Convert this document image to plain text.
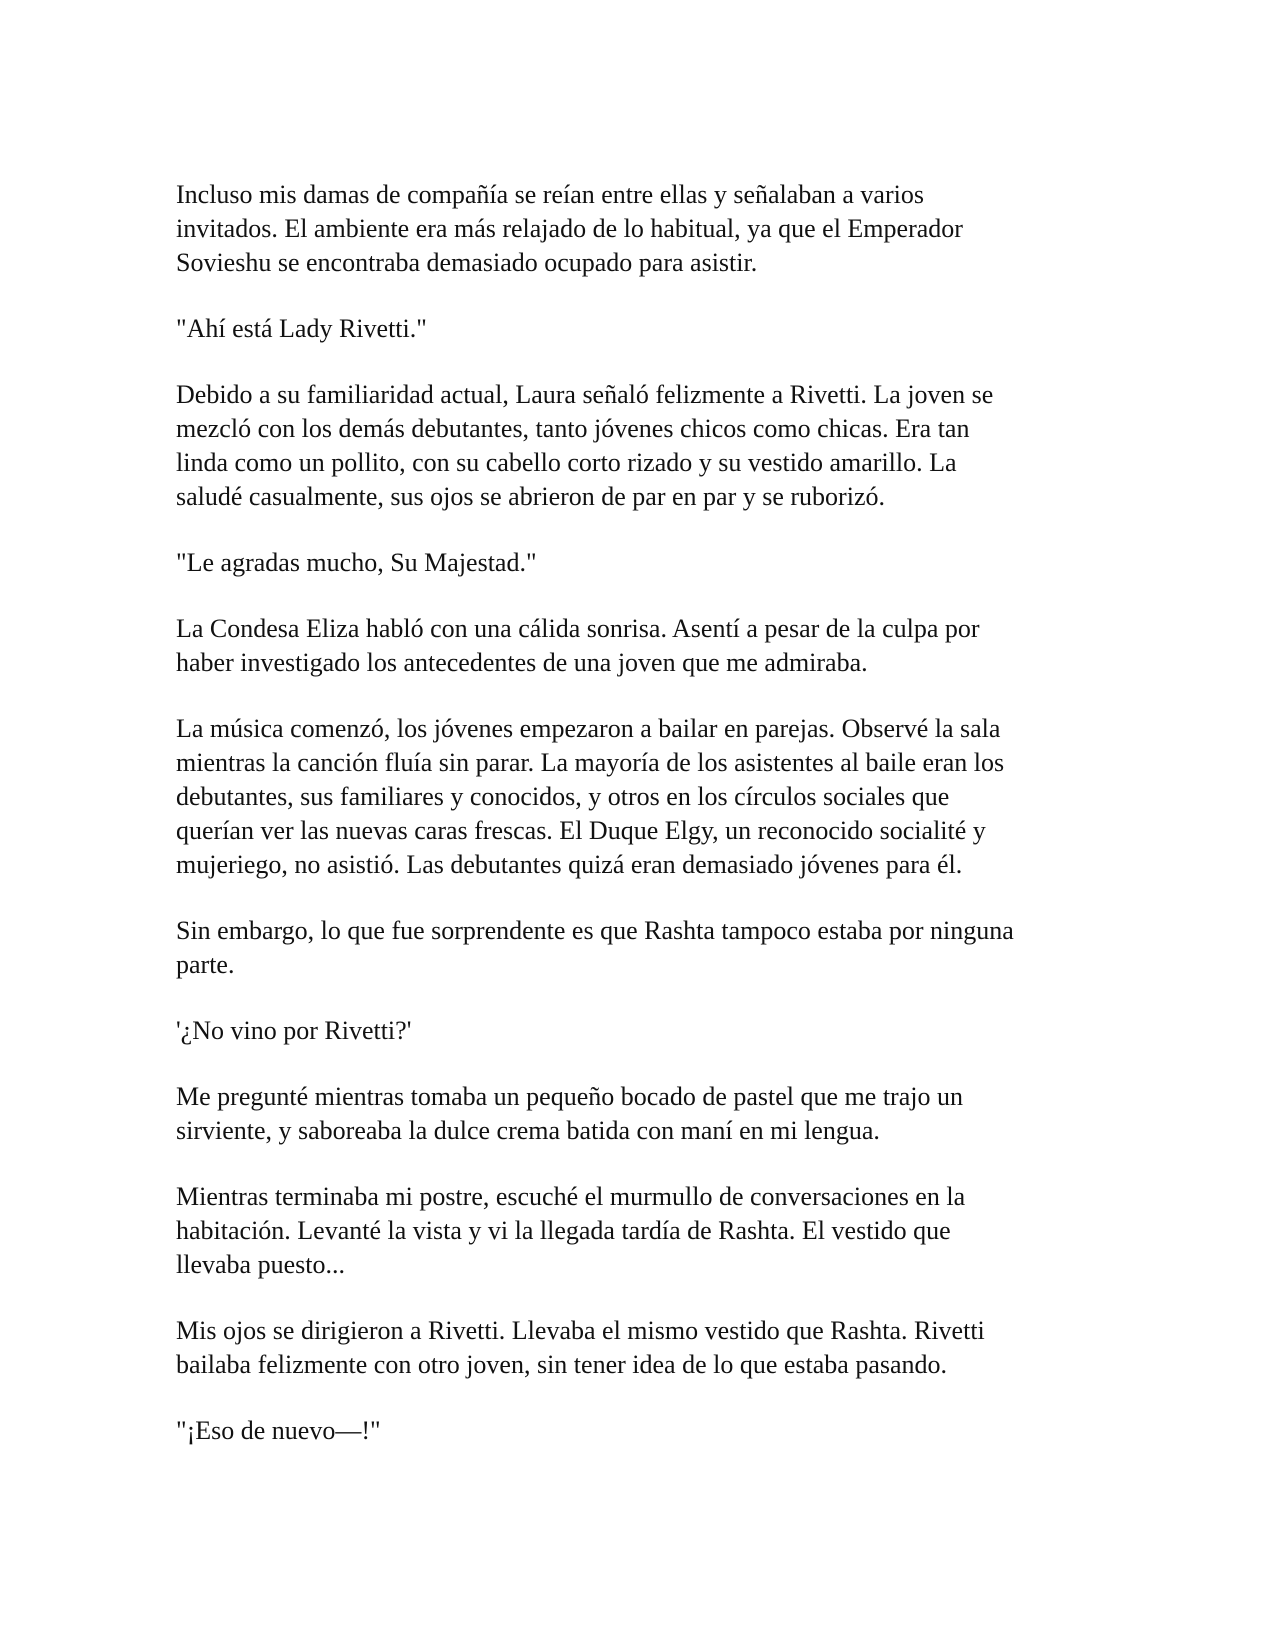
Incluso mis damas de compañía se reían entre ellas y señalaban a varios
invitados. El ambiente era más relajado de lo habitual, ya que el Emperador
Sovieshu se encontraba demasiado ocupado para asistir.

"Ahí está Lady Rivetti."

Debido a su familiaridad actual, Laura señaló felizmente a Rivetti. La joven se
mezcló con los demás debutantes, tanto jóvenes chicos como chicas. Era tan
linda como un pollito, con su cabello corto rizado y su vestido amarillo. La
saludé casualmente, sus ojos se abrieron de par en par y se ruborizó.

"Le agradas mucho, Su Majestad."

La Condesa Eliza habló con una cálida sonrisa. Asentí a pesar de la culpa por
haber investigado los antecedentes de una joven que me admiraba.

La música comenzó, los jóvenes empezaron a bailar en parejas. Observé la sala
mientras la canción fluía sin parar. La mayoría de los asistentes al baile eran los
debutantes, sus familiares y conocidos, y otros en los círculos sociales que
querían ver las nuevas caras frescas. El Duque Elgy, un reconocido socialité y
mujeriego, no asistió. Las debutantes quizá eran demasiado jóvenes para él.

Sin embargo, lo que fue sorprendente es que Rashta tampoco estaba por ninguna
parte.

'¿No vino por Rivetti?'

Me pregunté mientras tomaba un pequeño bocado de pastel que me trajo un
sirviente, y saboreaba la dulce crema batida con maní en mi lengua.

Mientras terminaba mi postre, escuché el murmullo de conversaciones en la
habitación. Levanté la vista y vi la llegada tardía de Rashta. El vestido que
llevaba puesto...

Mis ojos se dirigieron a Rivetti. Llevaba el mismo vestido que Rashta. Rivetti
bailaba felizmente con otro joven, sin tener idea de lo que estaba pasando.

"¡Eso de nuevo—!"
